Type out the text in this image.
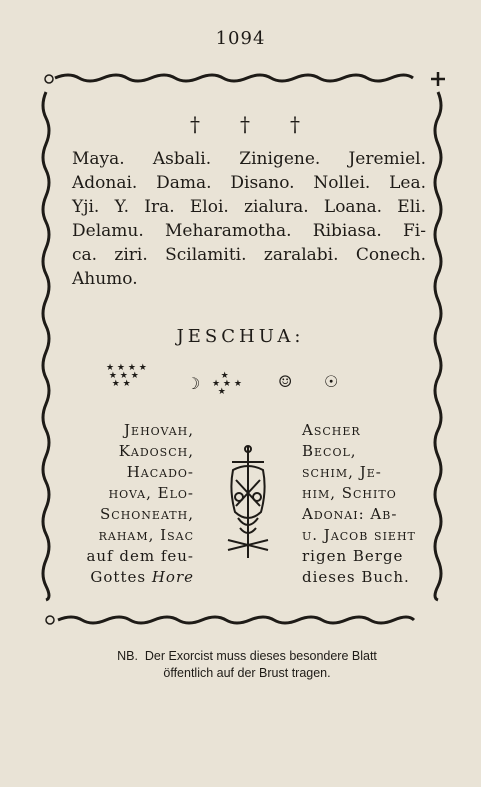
1094
† † †
Maya. Asbali. Zinigene. Jeremiel.
Adonai. Dama. Disano. Nollei. Lea.
Yji. Y. Ira. Eloi. zialura. Loana. Eli.
Delamu. Meharamotha. Ribiasa. Fi-
ca. ziri. Scilamiti. zaralabi. Conech.
Ahumo.
JESCHUA:
★ ★ ★ ★
★ ★ ★
★ ★	☽ ★
★ ★ ★
★
☺ ☉
Jehovah,
Kadosch,
Hacado-
hova, Elo-
Schoneath,
raham, Isac
auf dem feu-
Gottes Hore
Ascher
Becol,
schim, Je-
him, Schito
Adonai: Ab-
u. Jacob sieht
rigen Berge
dieses Buch.
NB.  Der Exorcist muss dieses besondere Blatt
öffentlich auf der Brust tragen.
